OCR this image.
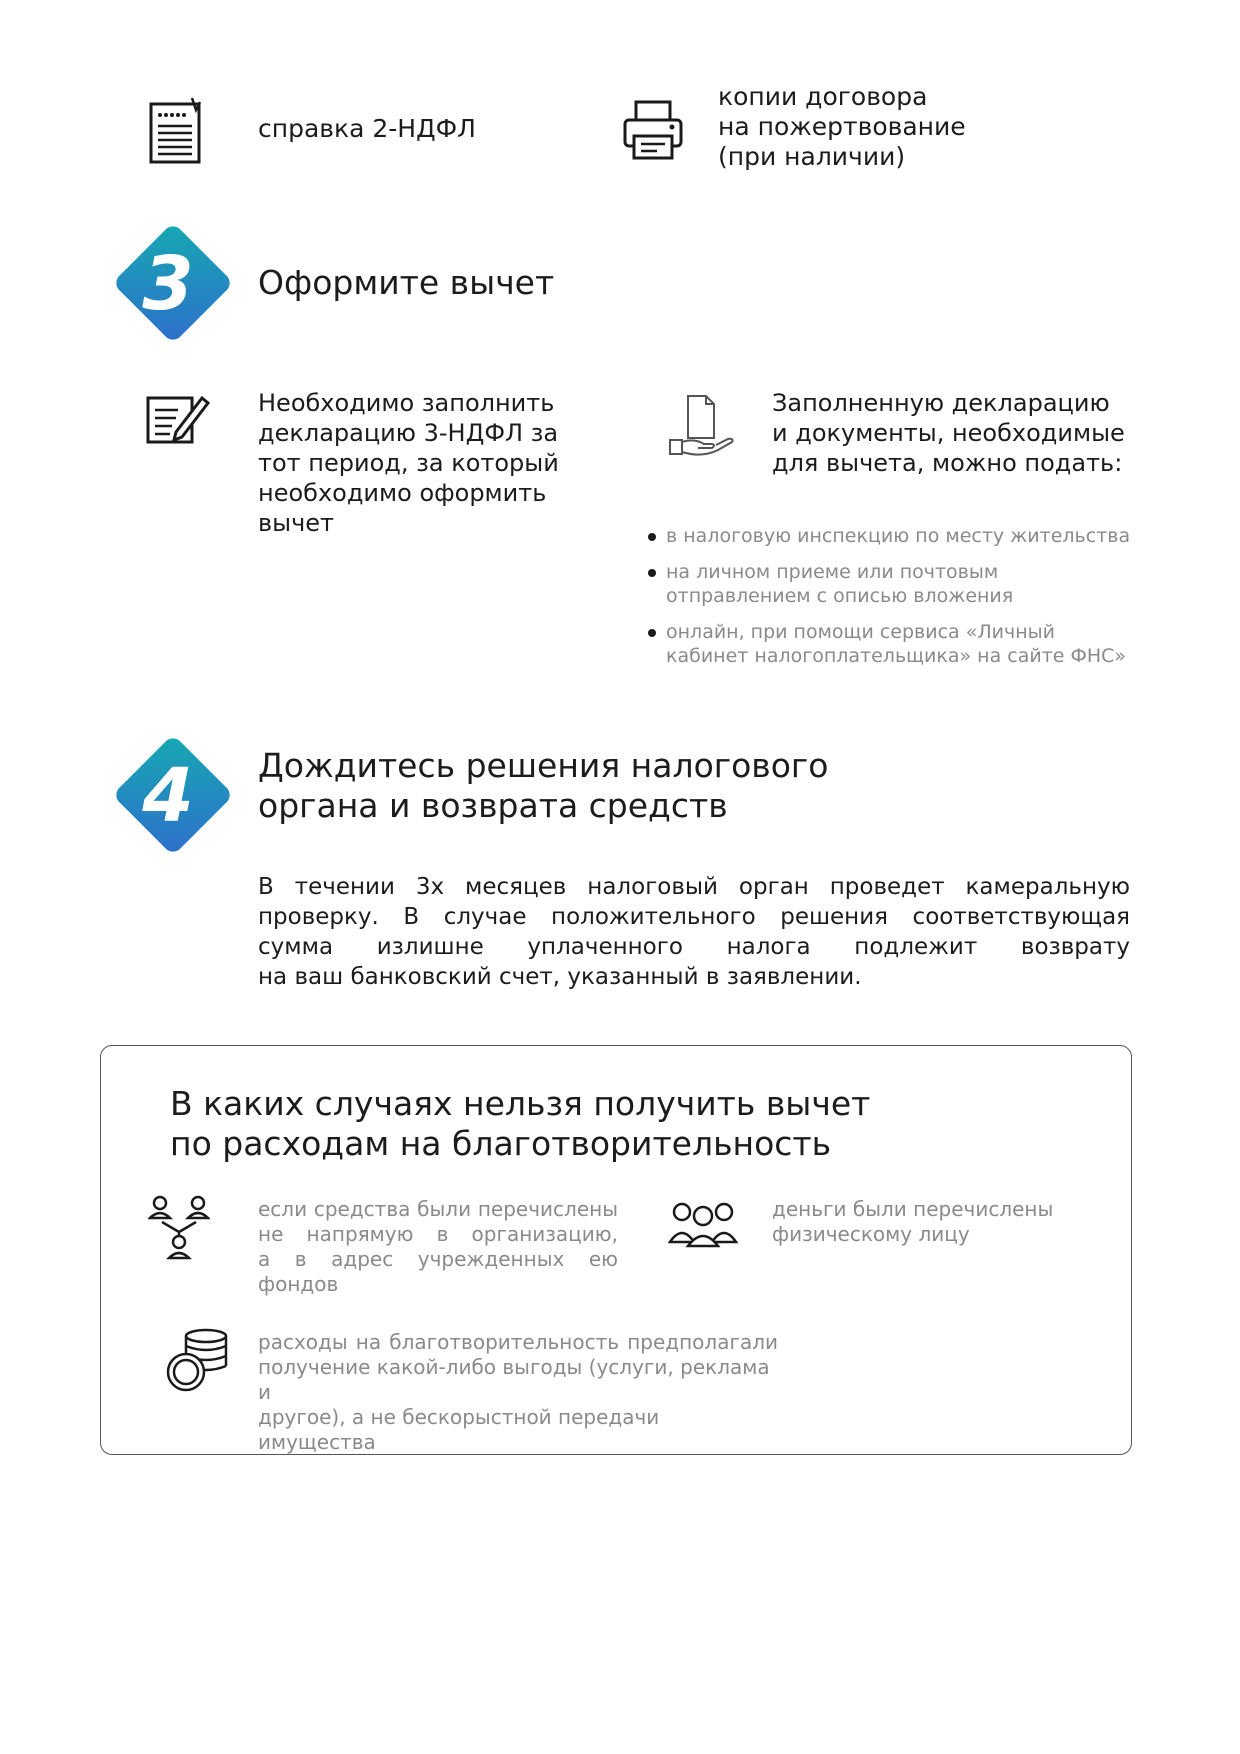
справка 2-НДФЛ
копии договора
на пожертвование
(при наличии)
3 Оформите вычет
Необходимо заполнить
декларацию 3-НДФЛ за
тот период, за который
необходимо оформить
вычет
Заполненную декларацию
и документы, необходимые
для вычета, можно подать:
в налоговую инспекцию по месту жительства
на личном приеме или почтовым
отправлением с описью вложения
онлайн, при помощи сервиса «Личный
кабинет налогоплательщика» на сайте ФНС»
4 Дождитесь решения налогового
органа и возврата средств
В течении 3х месяцев налоговый орган проведет камеральную
проверку. В случае положительного решения соответствующая
сумма излишне уплаченного налога подлежит возврату
на ваш банковский счет, указанный в заявлении.
В каких случаях нельзя получить вычет
по расходам на благотворительность
если средства были перечислены
не напрямую в организацию,
а в адрес учрежденных ею фондов
деньги были перечислены
физическому лицу
расходы на благотворительность предполагали
получение какой-либо выгоды (услуги, реклама и
другое), а не бескорыстной передачи имущества
